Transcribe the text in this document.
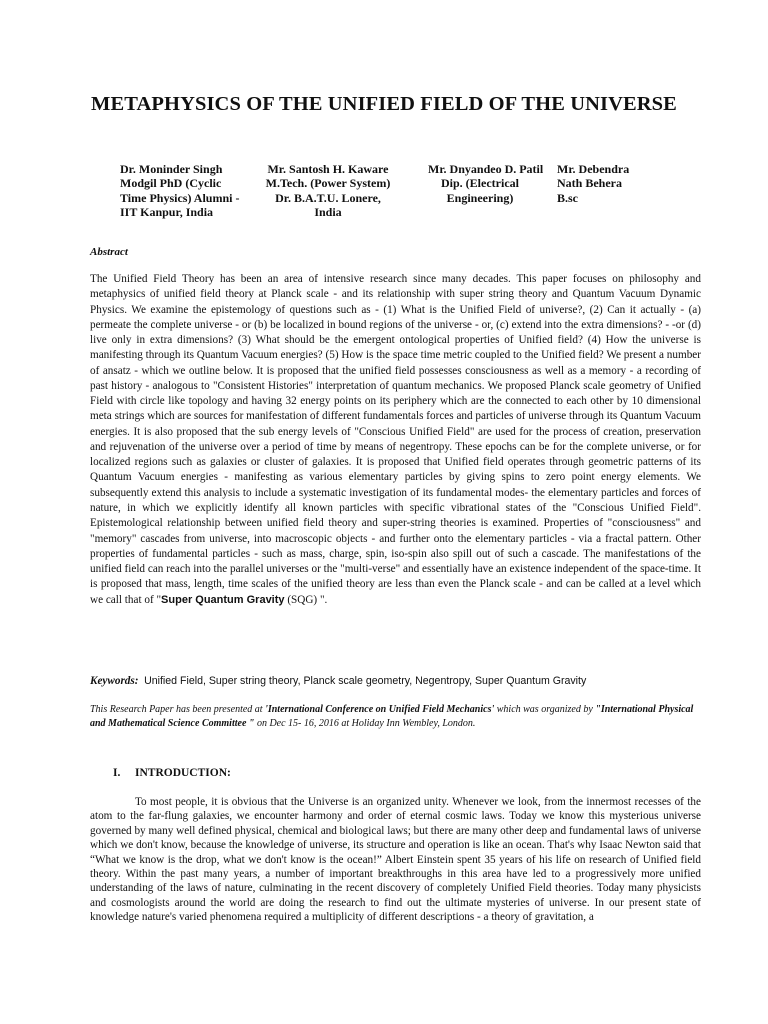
METAPHYSICS OF THE UNIFIED FIELD OF THE UNIVERSE
Dr. Moninder Singh
Modgil PhD (Cyclic
Time Physics) Alumni -
IIT Kanpur, India
Mr. Santosh H. Kaware
M.Tech. (Power System)
Dr. B.A.T.U. Lonere,
India
Mr. Dnyandeo D. Patil
Dip. (Electrical
Engineering)
Mr. Debendra
Nath Behera
B.sc
Abstract
The Unified Field Theory has been an area of intensive research since many decades. This paper focuses on philosophy and metaphysics of unified field theory at Planck scale - and its relationship with super string theory and Quantum Vacuum Dynamic Physics. We examine the epistemology of questions such as - (1) What is the Unified Field of universe?, (2) Can it actually - (a) permeate the complete universe - or (b) be localized in bound regions of the universe - or, (c) extend into the extra dimensions? - -or (d) live only in extra dimensions? (3) What should be the emergent ontological properties of Unified field? (4) How the universe is manifesting through its Quantum Vacuum energies? (5) How is the space time metric coupled to the Unified field? We present a number of ansatz - which we outline below. It is proposed that the unified field possesses consciousness as well as a memory - a recording of past history - analogous to "Consistent Histories" interpretation of quantum mechanics. We proposed Planck scale geometry of Unified Field with circle like topology and having 32 energy points on its periphery which are the connected to each other by 10 dimensional meta strings which are sources for manifestation of different fundamentals forces and particles of universe through its Quantum Vacuum energies. It is also proposed that the sub energy levels of "Conscious Unified Field" are used for the process of creation, preservation and rejuvenation of the universe over a period of time by means of negentropy. These epochs can be for the complete universe, or for localized regions such as galaxies or cluster of galaxies. It is proposed that Unified field operates through geometric patterns of its Quantum Vacuum energies - manifesting as various elementary particles by giving spins to zero point energy elements. We subsequently extend this analysis to include a systematic investigation of its fundamental modes- the elementary particles and forces of nature, in which we explicitly identify all known particles with specific vibrational states of the "Conscious Unified Field". Epistemological relationship between unified field theory and super-string theories is examined. Properties of "consciousness" and "memory" cascades from universe, into macroscopic objects - and further onto the elementary particles - via a fractal pattern. Other properties of fundamental particles - such as mass, charge, spin, iso-spin also spill out of such a cascade. The manifestations of the unified field can reach into the parallel universes or the "multi-verse" and essentially have an existence independent of the space-time. It is proposed that mass, length, time scales of the unified theory are less than even the Planck scale - and can be called at a level which we call that of "Super Quantum Gravity (SQG) ".
Keywords: Unified Field, Super string theory, Planck scale geometry, Negentropy, Super Quantum Gravity
This Research Paper has been presented at 'International Conference on Unified Field Mechanics' which was organized by "International Physical and Mathematical Science Committee " on Dec 15- 16, 2016 at Holiday Inn Wembley, London.
I. INTRODUCTION:
To most people, it is obvious that the Universe is an organized unity. Whenever we look, from the innermost recesses of the atom to the far-flung galaxies, we encounter harmony and order of eternal cosmic laws. Today we know this mysterious universe governed by many well defined physical, chemical and biological laws; but there are many other deep and fundamental laws of universe which we don't know, because the knowledge of universe, its structure and operation is like an ocean. That's why Isaac Newton said that “What we know is the drop, what we don't know is the ocean!” Albert Einstein spent 35 years of his life on research of Unified field theory. Within the past many years, a number of important breakthroughs in this area have led to a progressively more unified understanding of the laws of nature, culminating in the recent discovery of completely Unified Field theories. Today many physicists and cosmologists around the world are doing the research to find out the ultimate mysteries of universe. In our present state of knowledge nature's varied phenomena required a multiplicity of different descriptions - a theory of gravitation, a
